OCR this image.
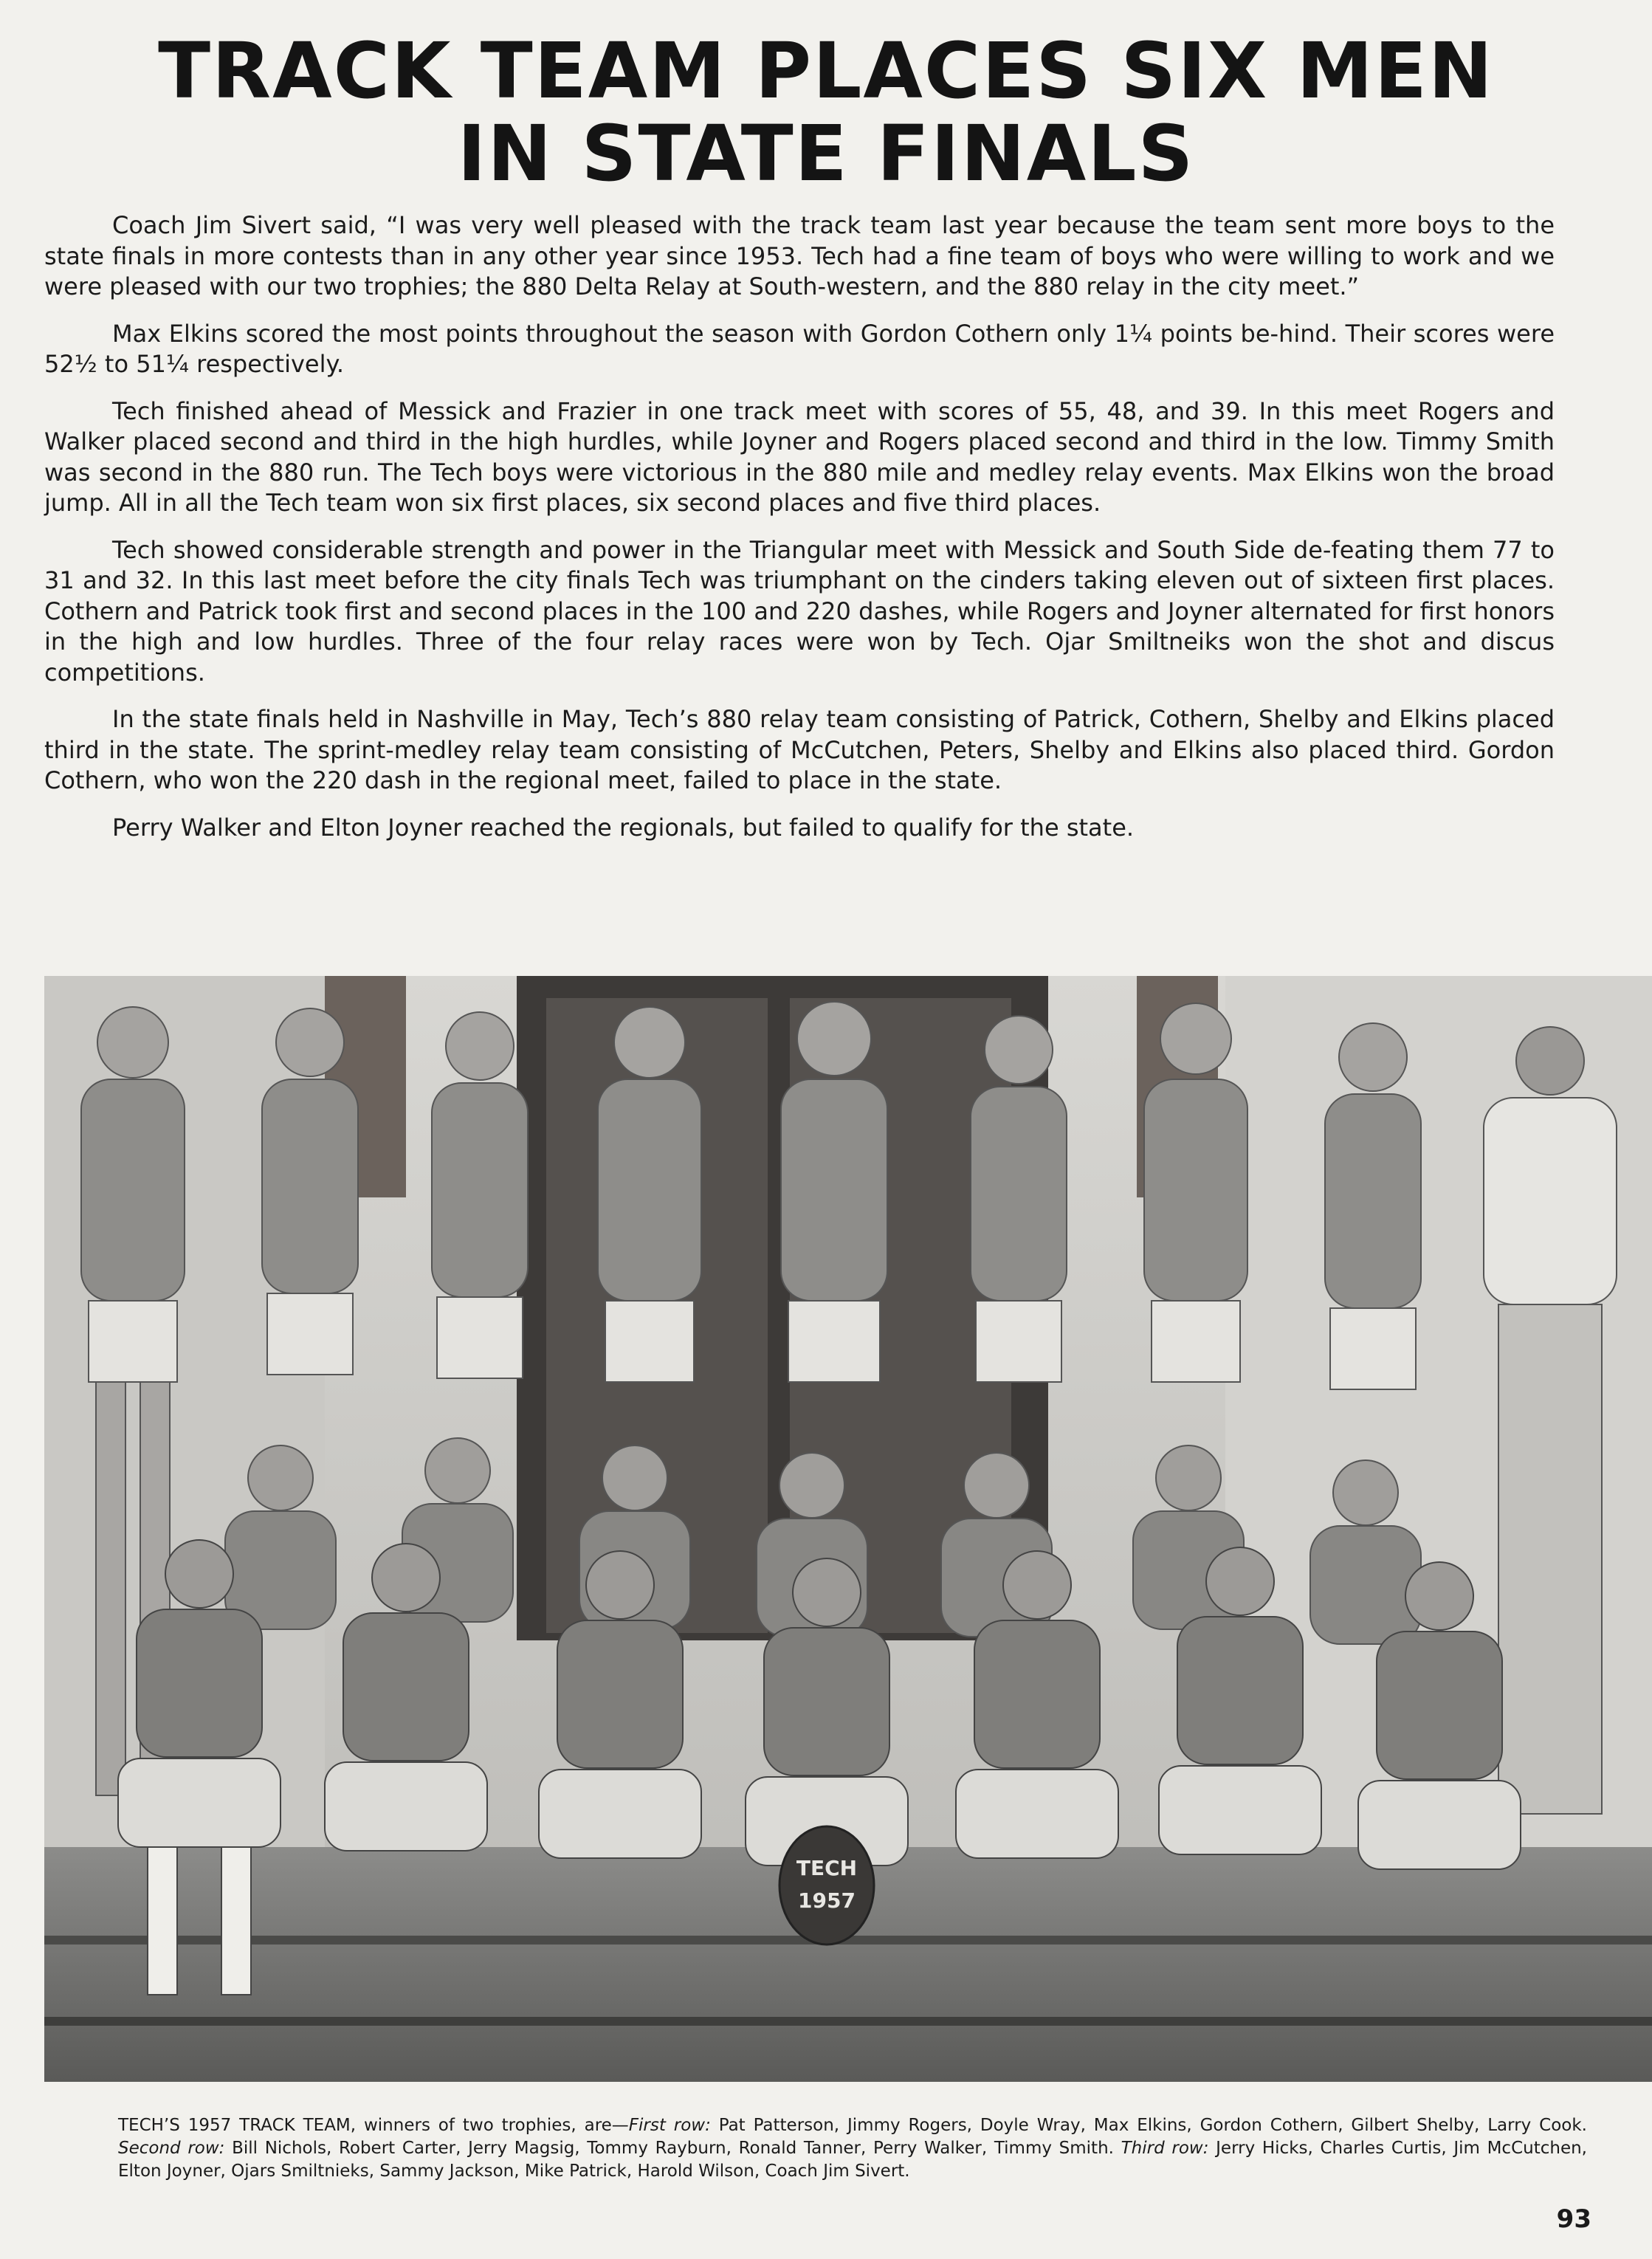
TRACK TEAM PLACES SIX MEN
IN STATE FINALS

Coach Jim Sivert said, “I was very well pleased with the track team last year because the team sent more boys to the state finals in more contests than in any other year since 1953. Tech had a fine team of boys who were willing to work and we were pleased with our two trophies; the 880 Delta Relay at South-western, and the 880 relay in the city meet.”

Max Elkins scored the most points throughout the season with Gordon Cothern only 1¼ points be-hind. Their scores were 52½ to 51¼ respectively.

Tech finished ahead of Messick and Frazier in one track meet with scores of 55, 48, and 39. In this meet Rogers and Walker placed second and third in the high hurdles, while Joyner and Rogers placed second and third in the low. Timmy Smith was second in the 880 run. The Tech boys were victorious in the 880 mile and medley relay events. Max Elkins won the broad jump. All in all the Tech team won six first places, six second places and five third places.

Tech showed considerable strength and power in the Triangular meet with Messick and South Side de-feating them 77 to 31 and 32. In this last meet before the city finals Tech was triumphant on the cinders taking eleven out of sixteen first places. Cothern and Patrick took first and second places in the 100 and 220 dashes, while Rogers and Joyner alternated for first honors in the high and low hurdles. Three of the four relay races were won by Tech. Ojar Smiltneiks won the shot and discus competitions.

In the state finals held in Nashville in May, Tech’s 880 relay team consisting of Patrick, Cothern, Shelby and Elkins placed third in the state. The sprint-medley relay team consisting of McCutchen, Peters, Shelby and Elkins also placed third. Gordon Cothern, who won the 220 dash in the regional meet, failed to place in the state.

Perry Walker and Elton Joyner reached the regionals, but failed to qualify for the state.

TECH
1957
TECH’S 1957 TRACK TEAM, winners of two trophies, are—First row: Pat Patterson, Jimmy Rogers, Doyle Wray, Max Elkins, Gordon Cothern, Gilbert Shelby, Larry Cook. Second row: Bill Nichols, Robert Carter, Jerry Magsig, Tommy Rayburn, Ronald Tanner, Perry Walker, Timmy Smith. Third row: Jerry Hicks, Charles Curtis, Jim McCutchen, Elton Joyner, Ojars Smiltnieks, Sammy Jackson, Mike Patrick, Harold Wilson, Coach Jim Sivert.
93
